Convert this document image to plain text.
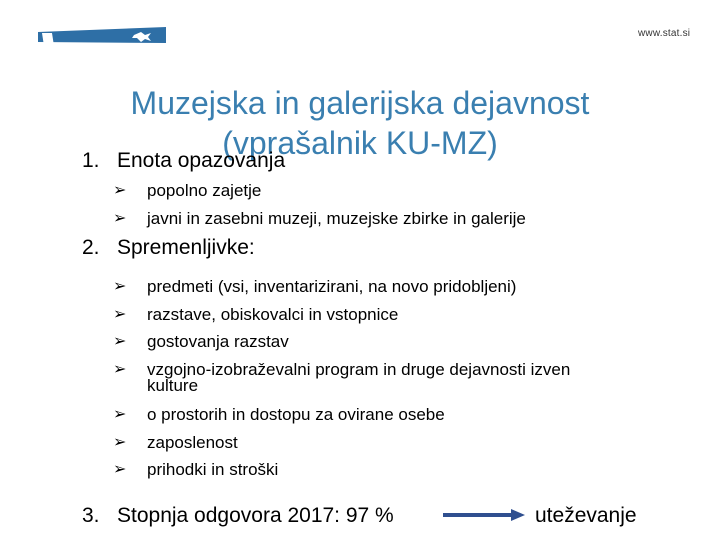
www.stat.si
Muzejska in galerijska dejavnost
(vprašalnik KU-MZ)
1. Enota opazovanja
➢ popolno zajetje
➢ javni in zasebni muzeji, muzejske zbirke in galerije
2. Spremenljivke:
➢ predmeti (vsi, inventarizirani, na novo pridobljeni)
➢ razstave, obiskovalci in vstopnice
➢ gostovanja razstav
➢ vzgojno-izobraževalni program in druge dejavnosti izven
kulture
➢ o prostorih in dostopu za ovirane osebe
➢ zaposlenost
➢ prihodki in stroški
3. Stopnja odgovora 2017: 97 %	uteževanje
